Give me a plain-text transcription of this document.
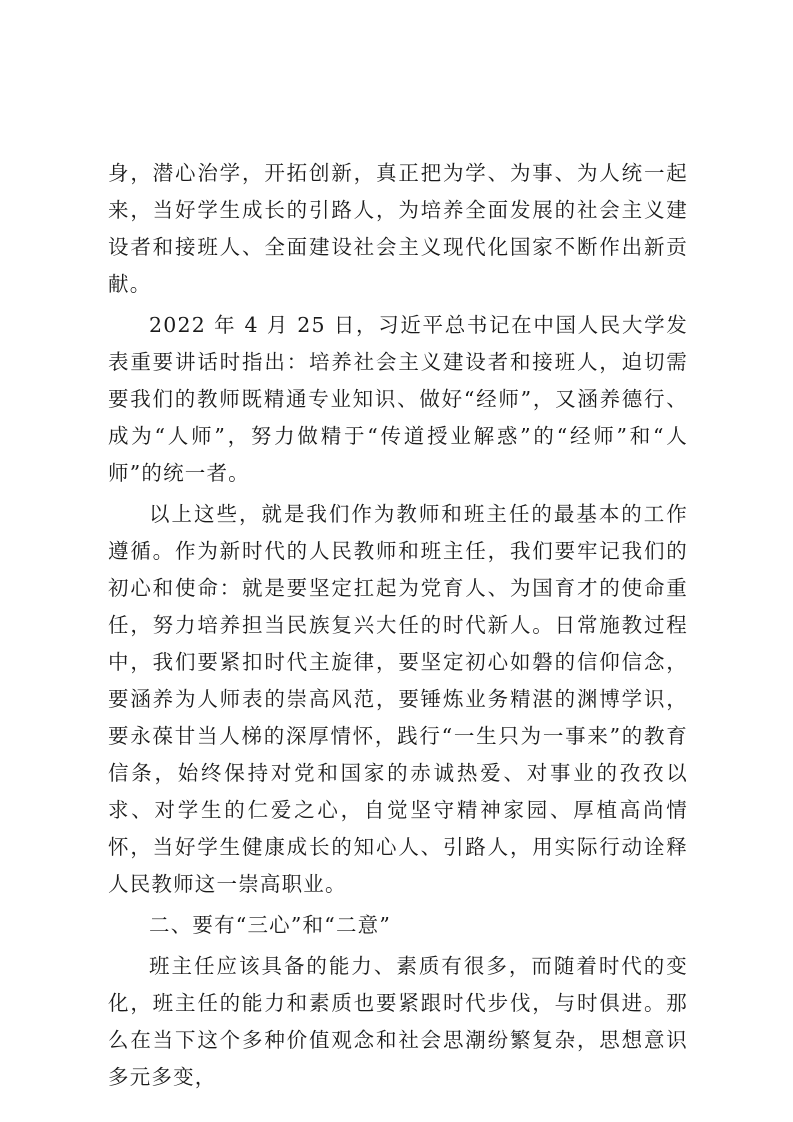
身，潜心治学，开拓创新，真正把为学、为事、为人统一起来，当好学生成长的引路人，为培养全面发展的社会主义建设者和接班人、全面建设社会主义现代化国家不断作出新贡献。

2022 年 4 月 25 日，习近平总书记在中国人民大学发表重要讲话时指出：培养社会主义建设者和接班人，迫切需要我们的教师既精通专业知识、做好“经师”，又涵养德行、成为“人师”，努力做精于“传道授业解惑”的“经师”和“人师”的统一者。

以上这些，就是我们作为教师和班主任的最基本的工作遵循。作为新时代的人民教师和班主任，我们要牢记我们的初心和使命：就是要坚定扛起为党育人、为国育才的使命重任，努力培养担当民族复兴大任的时代新人。日常施教过程中，我们要紧扣时代主旋律，要坚定初心如磐的信仰信念，要涵养为人师表的崇高风范，要锤炼业务精湛的渊博学识，要永葆甘当人梯的深厚情怀，践行“一生只为一事来”的教育信条，始终保持对党和国家的赤诚热爱、对事业的孜孜以求、对学生的仁爱之心，自觉坚守精神家园、厚植高尚情怀，当好学生健康成长的知心人、引路人，用实际行动诠释人民教师这一崇高职业。

二、要有“三心”和“二意”

班主任应该具备的能力、素质有很多，而随着时代的变化，班主任的能力和素质也要紧跟时代步伐，与时俱进。那么在当下这个多种价值观念和社会思潮纷繁复杂，思想意识多元多变，
